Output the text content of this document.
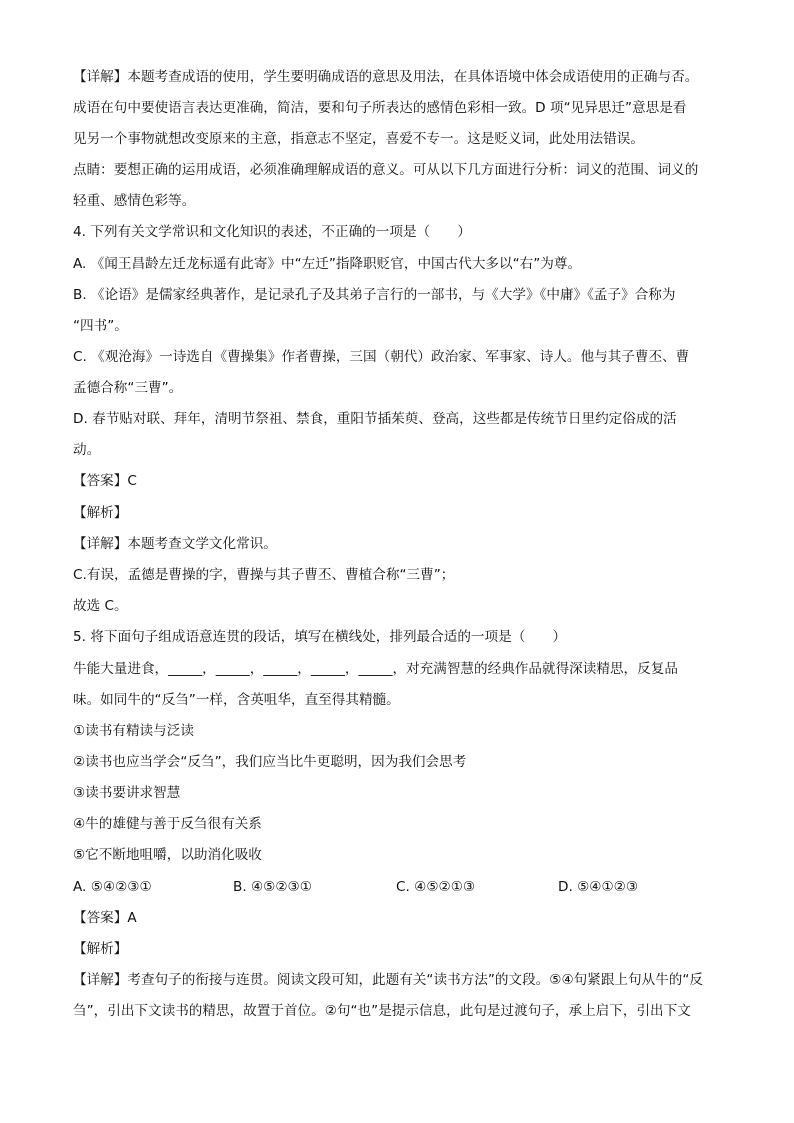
【详解】本题考查成语的使用，学生要明确成语的意思及用法，在具体语境中体会成语使用的正确与否。
成语在句中要使语言表达更准确，简洁，要和句子所表达的感情色彩相一致。D 项“见异思迁”意思是看
见另一个事物就想改变原来的主意，指意志不坚定，喜爱不专一。这是贬义词，此处用法错误。
点睛：要想正确的运用成语，必须准确理解成语的意义。可从以下几方面进行分析：词义的范围、词义的
轻重、感情色彩等。
4. 下列有关文学常识和文化知识的表述，不正确的一项是（　　）
A. 《闻王昌龄左迁龙标遥有此寄》中“左迁”指降职贬官，中国古代大多以“右”为尊。
B. 《论语》是儒家经典著作，是记录孔子及其弟子言行的一部书，与《大学》《中庸》《孟子》合称为
“四书”。
C. 《观沧海》一诗选自《曹操集》作者曹操，三国（朝代）政治家、军事家、诗人。他与其子曹丕、曹
孟德合称“三曹”。
D. 春节贴对联、拜年，清明节祭祖、禁食，重阳节插茱萸、登高，这些都是传统节日里约定俗成的活
动。
【答案】C
【解析】
【详解】本题考查文学文化常识。
C.有误，孟德是曹操的字，曹操与其子曹丕、曹植合称“三曹”；
故选 C。
5. 将下面句子组成语意连贯的段话，填写在横线处，排列最合适的一项是（　　）
牛能大量进食，_____，_____，_____，_____，_____，对充满智慧的经典作品就得深读精思，反复品
味。如同牛的“反刍”一样，含英咀华，直至得其精髓。
①读书有精读与泛读
②读书也应当学会“反刍”，我们应当比牛更聪明，因为我们会思考
③读书要讲求智慧
④牛的雄健与善于反刍很有关系
⑤它不断地咀嚼，以助消化吸收
A. ⑤④②③①	B. ④⑤②③①	C. ④⑤②①③	D. ⑤④①②③
【答案】A
【解析】
【详解】考查句子的衔接与连贯。阅读文段可知，此题有关“读书方法”的文段。⑤④句紧跟上句从牛的“反
刍”，引出下文读书的精思，故置于首位。②句“也”是提示信息，此句是过渡句子，承上启下，引出下文
